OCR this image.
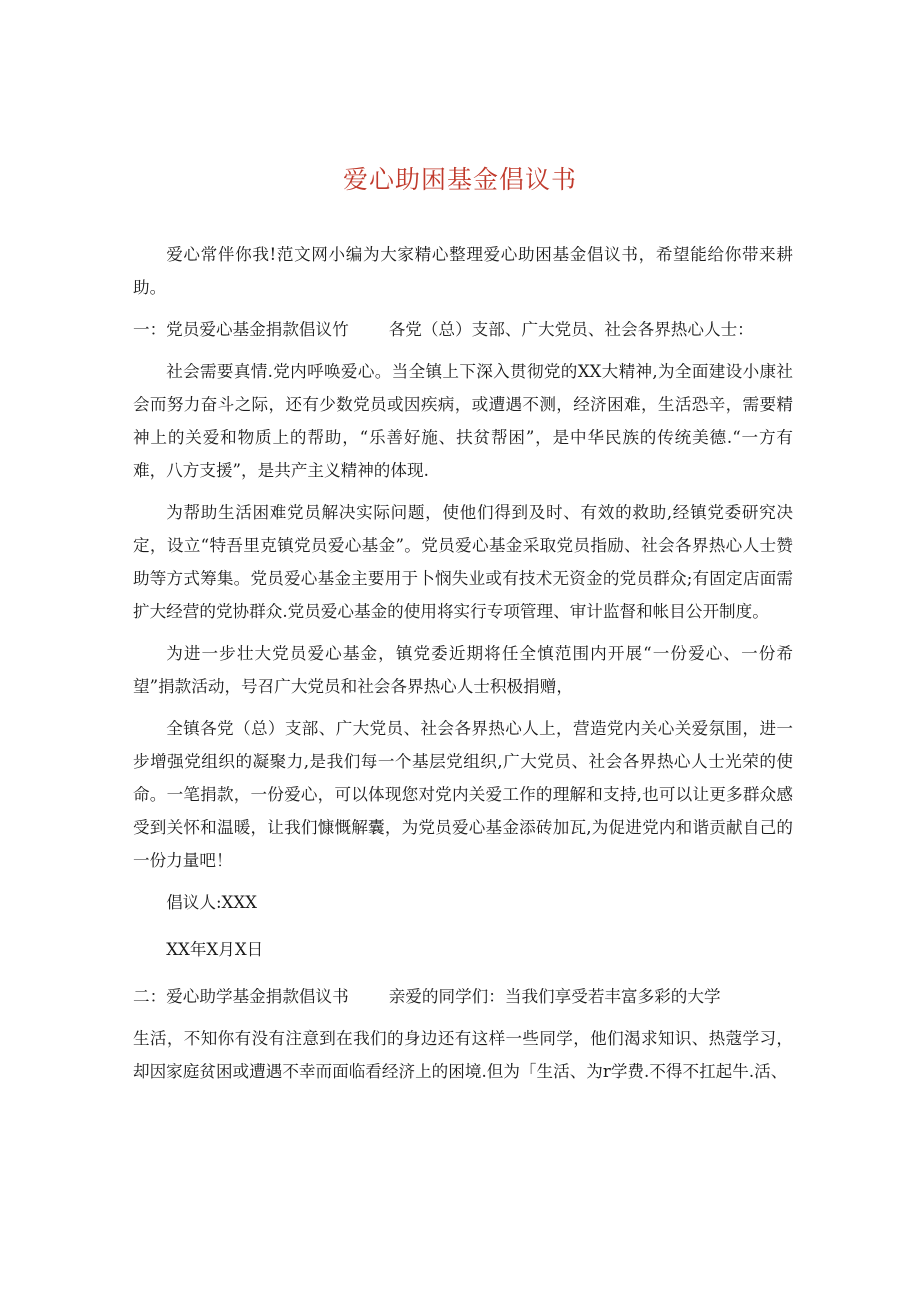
爱心助困基金倡议书

爱心常伴你我!范文网小编为大家精心整理爱心助困基金倡议书，希望能给你带来耕助。

一：党员爱心基金捐款倡议竹 各党（总）支部、广大党员、社会各界热心人士：

社会需要真情.党内呼唤爱心。当全镇上下深入贯彻党的XX大精神,为全面建设小康社会而努力奋斗之际，还有少数党员或因疾病，或遭遇不测，经济困难，生活恐辛，需要精神上的关爱和物质上的帮助，“乐善好施、扶贫帮困”，是中华民族的传统美德.“一方有难，八方支援”，是共产主义精神的体现.

为帮助生活困难党员解决实际问题，使他们得到及时、有效的救助,经镇党委研究决定，设立“特吾里克镇党员爱心基金”。党员爱心基金采取党员指励、社会各界热心人士赞助等方式筹集。党员爱心基金主要用于卜悯失业或有技术无资金的党员群众;有固定店面需扩大经营的党协群众.党员爱心基金的使用将实行专项管理、审计监督和帐目公开制度。

为进一步壮大党员爱心基金，镇党委近期将任全慎范围内开展“一份爱心、一份希望”捐款活动，号召广大党员和社会各界热心人士积极捐赠，

全镇各党（总）支部、广大党员、社会各界热心人上，营造党内关心关爱氛围，进一步增强党组织的凝聚力,是我们每一个基层党组织,广大党员、社会各界热心人士光荣的使命。一笔捐款，一份爱心，可以体现您对党内关爱工作的理解和支持,也可以让更多群众感受到关怀和温暖，让我们慷慨解囊，为党员爱心基金添砖加瓦,为促进党内和谐贡献自己的一份力量吧！

倡议人:XXX

XX年X月X日

二：爱心助学基金捐款倡议书 亲爱的同学们：当我们享受若丰富多彩的大学

生活，不知你有没有注意到在我们的身边还有这样一些同学，他们渴求知识、热蔻学习，却因家庭贫困或遭遇不幸而面临看经济上的困境.但为「生活、为r学费.不得不扛起牛.活、
